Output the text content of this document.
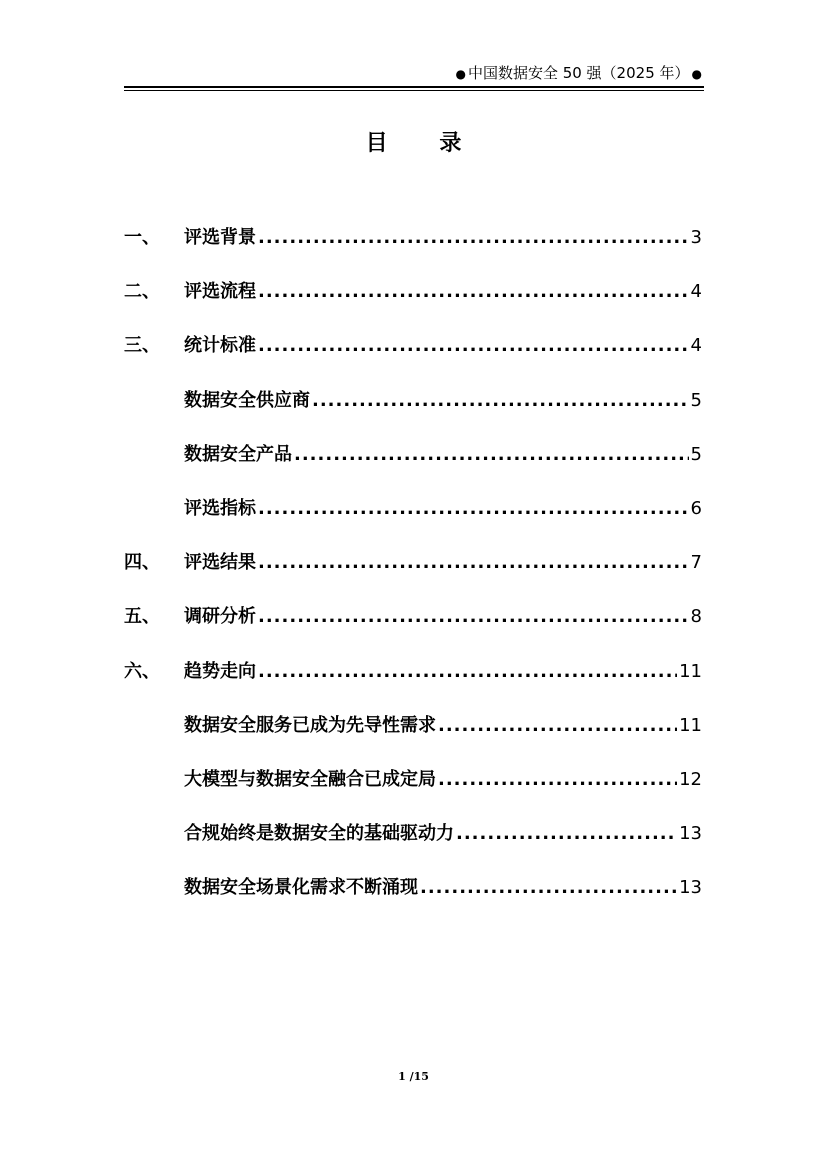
● 中国数据安全 50 强（2025 年） ●
目 录
一、	评选背景 .....	3
二、	评选流程 .....	4
三、	统计标准 .....	4
数据安全供应商 .....	5
数据安全产品 .....	5
评选指标 .....	6
四、	评选结果 .....	7
五、	调研分析 .....	8
六、	趋势走向 .....	11
数据安全服务已成为先导性需求 .....	11
大模型与数据安全融合已成定局 .....	12
合规始终是数据安全的基础驱动力 .....	13
数据安全场景化需求不断涌现 .....	13
1 /15
